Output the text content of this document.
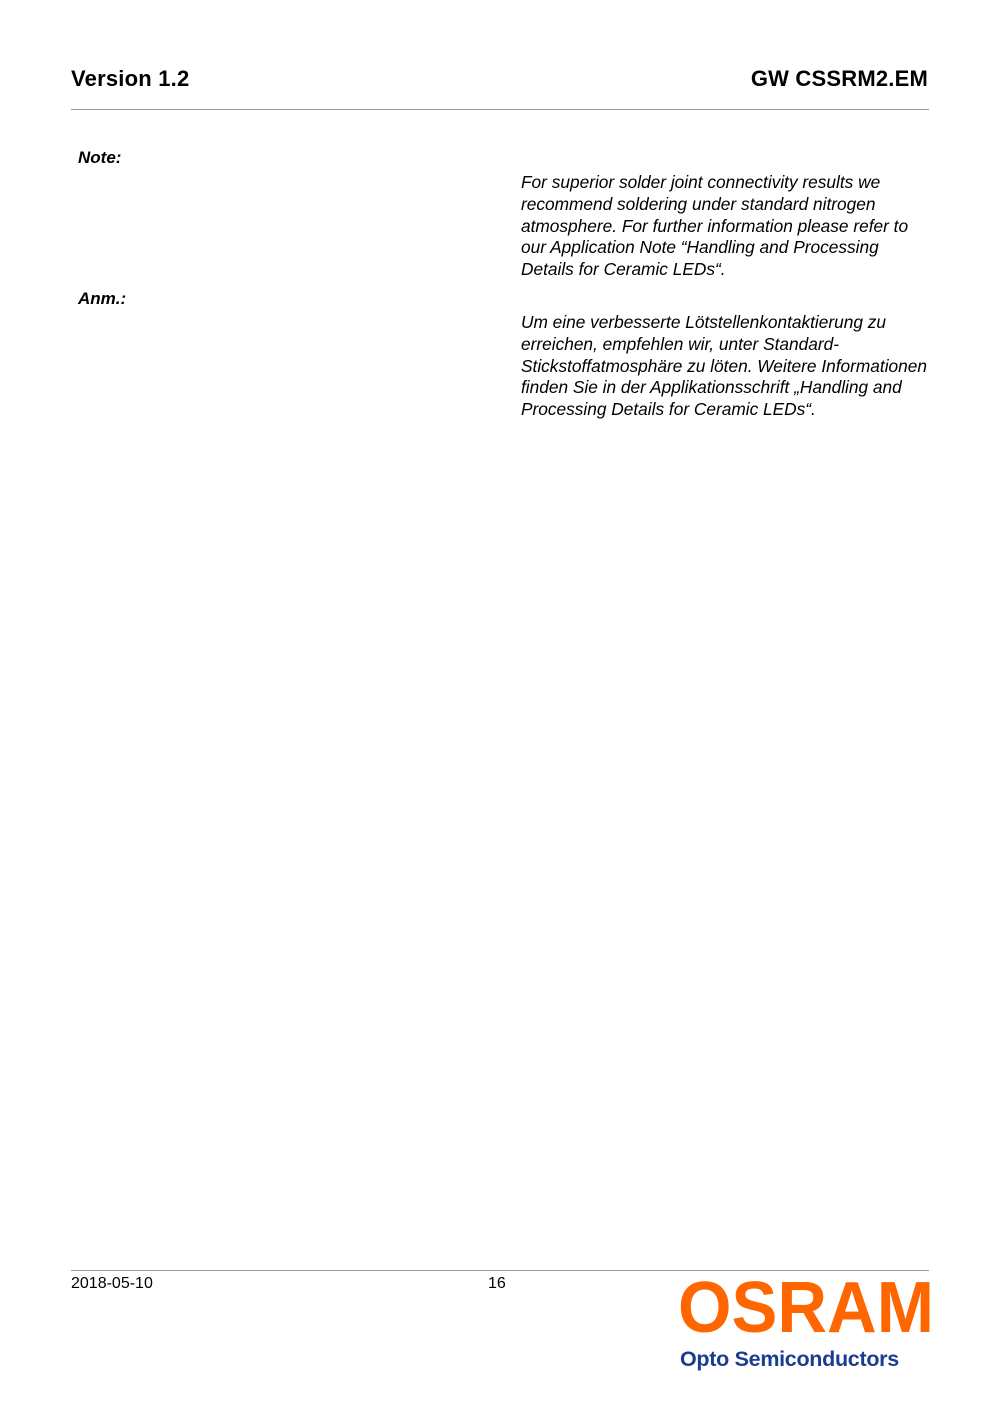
Version 1.2	GW CSSRM2.EM
Note:
For superior solder joint connectivity results we recommend soldering under standard nitrogen atmosphere. For further information please refer to our Application Note “Handling and Processing Details for Ceramic LEDs“.
Anm.:
Um eine verbesserte Lötstellenkontaktierung zu erreichen, empfehlen wir, unter Standard-Stickstoffatmosphäre zu löten. Weitere Informationen finden Sie in der Applikationsschrift „Handling and Processing Details for Ceramic LEDs“.
2018-05-10	16 OSRAM
Opto Semiconductors
